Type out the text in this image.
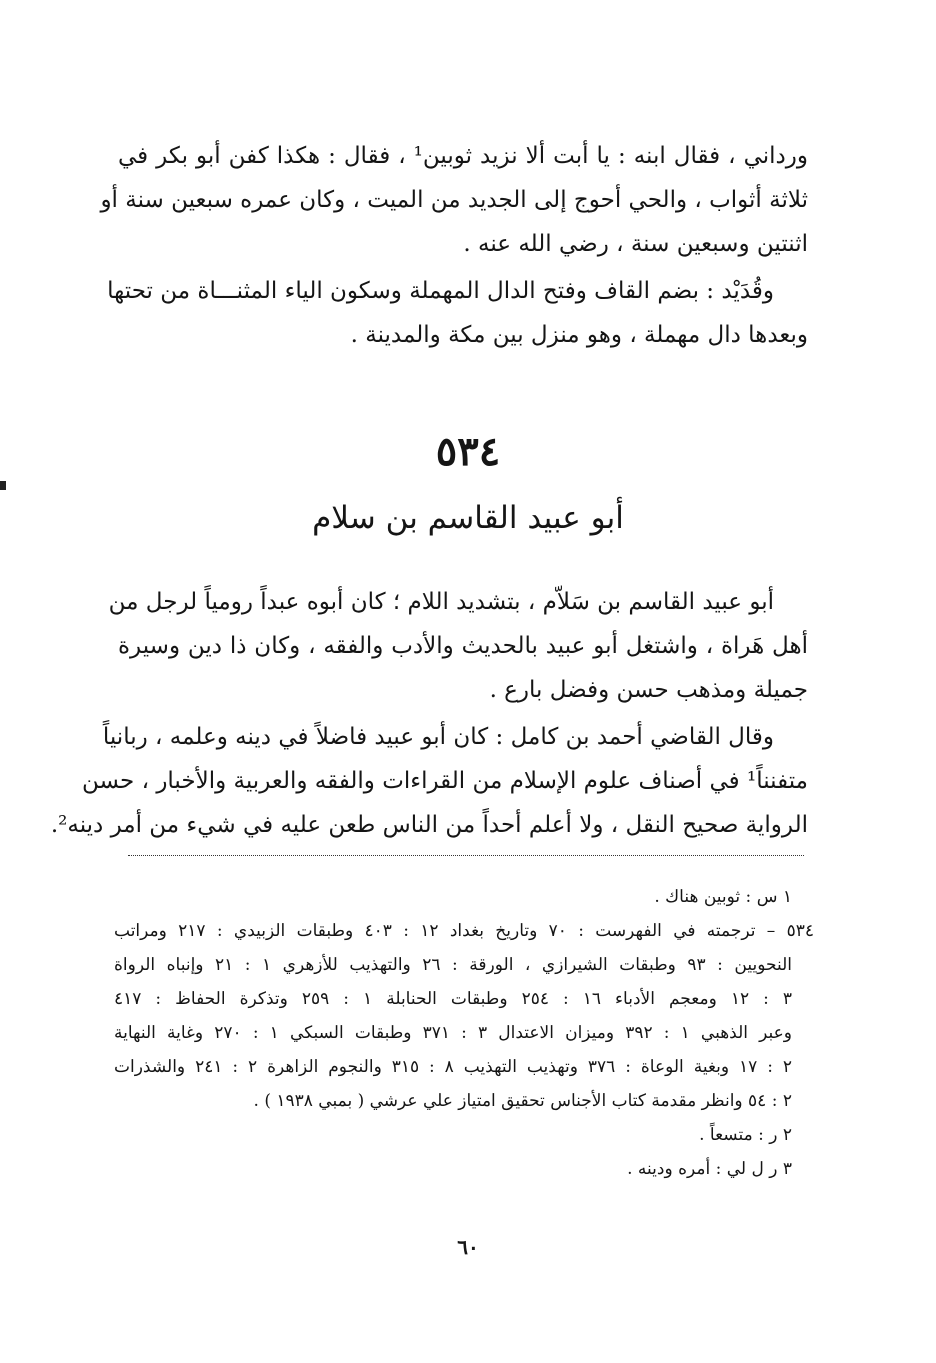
ورداني ، فقال ابنه : يا أبت ألا نزيد ثوبين¹ ، فقال : هكذا كفن أبو بكر في
ثلاثة أثواب ، والحي أحوج إلى الجديد من الميت ، وكان عمره سبعين سنة أو
اثنتين وسبعين سنة ، رضي الله عنه .
وقُدَيْد : بضم القاف وفتح الدال المهملة وسكون الياء المثنـــاة من تحتها
وبعدها دال مهملة ، وهو منزل بين مكة والمدينة .
٥٣٤
أبو عبيد القاسم بن سلام
أبو عبيد القاسم بن سَلاّم ، بتشديد اللام ؛ كان أبوه عبداً رومياً لرجل من
أهل هَراة ، واشتغل أبو عبيد بالحديث والأدب والفقه ، وكان ذا دين وسيرة
جميلة ومذهب حسن وفضل بارع .
وقال القاضي أحمد بن كامل : كان أبو عبيد فاضلاً في دينه وعلمه ، ربانياً
متفنناً¹ في أصناف علوم الإسلام من القراءات والفقه والعربية والأخبار ، حسن
الرواية صحيح النقل ، ولا أعلم أحداً من الناس طعن عليه في شيء من أمر دينه².
١ س : ثوبين هناك .
٥٣٤ – ترجمته في الفهرست : ٧٠ وتاريخ بغداد ١٢ : ٤٠٣ وطبقات الزبيدي : ٢١٧ ومراتب
النحويين : ٩٣ وطبقات الشيرازي ، الورقة : ٢٦ والتهذيب للأزهري ١ : ٢١ وإنباه الرواة
٣ : ١٢ ومعجم الأدباء ١٦ : ٢٥٤ وطبقات الحنابلة ١ : ٢٥٩ وتذكرة الحفاظ : ٤١٧
وعبر الذهبي ١ : ٣٩٢ وميزان الاعتدال ٣ : ٣٧١ وطبقات السبكي ١ : ٢٧٠ وغاية النهاية
٢ : ١٧ وبغية الوعاة : ٣٧٦ وتهذيب التهذيب ٨ : ٣١٥ والنجوم الزاهرة ٢ : ٢٤١ والشذرات
٢ : ٥٤ وانظر مقدمة كتاب الأجناس تحقيق امتياز علي عرشي ( بمبي ١٩٣٨ ) .
٢ ر : متسعاً .
٣ ر ل لي : أمره ودينه .
٦٠
